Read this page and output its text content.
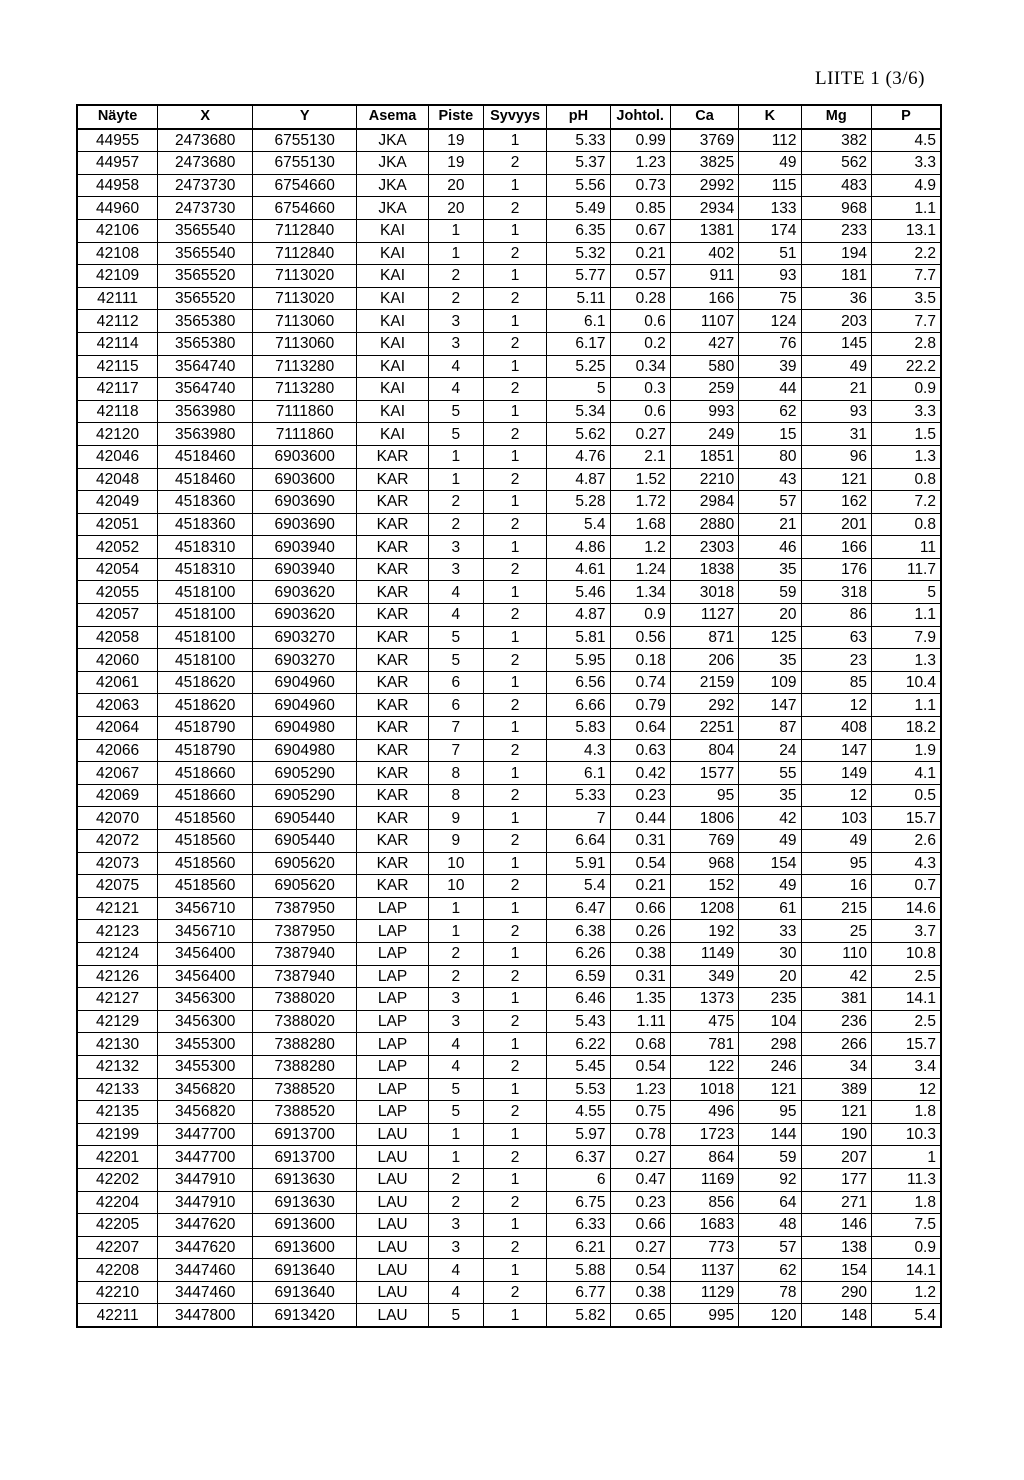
LIITE 1 (3/6)
Näyte	X	Y	Asema	Piste	Syvyys	pH	Johtol.	Ca	K	Mg	P
44955	2473680	6755130	JKA	19	1	5.33	0.99	3769	112	382	4.5
44957	2473680	6755130	JKA	19	2	5.37	1.23	3825	49	562	3.3
44958	2473730	6754660	JKA	20	1	5.56	0.73	2992	115	483	4.9
44960	2473730	6754660	JKA	20	2	5.49	0.85	2934	133	968	1.1
42106	3565540	7112840	KAI	1	1	6.35	0.67	1381	174	233	13.1
42108	3565540	7112840	KAI	1	2	5.32	0.21	402	51	194	2.2
42109	3565520	7113020	KAI	2	1	5.77	0.57	911	93	181	7.7
42111	3565520	7113020	KAI	2	2	5.11	0.28	166	75	36	3.5
42112	3565380	7113060	KAI	3	1	6.1	0.6	1107	124	203	7.7
42114	3565380	7113060	KAI	3	2	6.17	0.2	427	76	145	2.8
42115	3564740	7113280	KAI	4	1	5.25	0.34	580	39	49	22.2
42117	3564740	7113280	KAI	4	2	5	0.3	259	44	21	0.9
42118	3563980	7111860	KAI	5	1	5.34	0.6	993	62	93	3.3
42120	3563980	7111860	KAI	5	2	5.62	0.27	249	15	31	1.5
42046	4518460	6903600	KAR	1	1	4.76	2.1	1851	80	96	1.3
42048	4518460	6903600	KAR	1	2	4.87	1.52	2210	43	121	0.8
42049	4518360	6903690	KAR	2	1	5.28	1.72	2984	57	162	7.2
42051	4518360	6903690	KAR	2	2	5.4	1.68	2880	21	201	0.8
42052	4518310	6903940	KAR	3	1	4.86	1.2	2303	46	166	11
42054	4518310	6903940	KAR	3	2	4.61	1.24	1838	35	176	11.7
42055	4518100	6903620	KAR	4	1	5.46	1.34	3018	59	318	5
42057	4518100	6903620	KAR	4	2	4.87	0.9	1127	20	86	1.1
42058	4518100	6903270	KAR	5	1	5.81	0.56	871	125	63	7.9
42060	4518100	6903270	KAR	5	2	5.95	0.18	206	35	23	1.3
42061	4518620	6904960	KAR	6	1	6.56	0.74	2159	109	85	10.4
42063	4518620	6904960	KAR	6	2	6.66	0.79	292	147	12	1.1
42064	4518790	6904980	KAR	7	1	5.83	0.64	2251	87	408	18.2
42066	4518790	6904980	KAR	7	2	4.3	0.63	804	24	147	1.9
42067	4518660	6905290	KAR	8	1	6.1	0.42	1577	55	149	4.1
42069	4518660	6905290	KAR	8	2	5.33	0.23	95	35	12	0.5
42070	4518560	6905440	KAR	9	1	7	0.44	1806	42	103	15.7
42072	4518560	6905440	KAR	9	2	6.64	0.31	769	49	49	2.6
42073	4518560	6905620	KAR	10	1	5.91	0.54	968	154	95	4.3
42075	4518560	6905620	KAR	10	2	5.4	0.21	152	49	16	0.7
42121	3456710	7387950	LAP	1	1	6.47	0.66	1208	61	215	14.6
42123	3456710	7387950	LAP	1	2	6.38	0.26	192	33	25	3.7
42124	3456400	7387940	LAP	2	1	6.26	0.38	1149	30	110	10.8
42126	3456400	7387940	LAP	2	2	6.59	0.31	349	20	42	2.5
42127	3456300	7388020	LAP	3	1	6.46	1.35	1373	235	381	14.1
42129	3456300	7388020	LAP	3	2	5.43	1.11	475	104	236	2.5
42130	3455300	7388280	LAP	4	1	6.22	0.68	781	298	266	15.7
42132	3455300	7388280	LAP	4	2	5.45	0.54	122	246	34	3.4
42133	3456820	7388520	LAP	5	1	5.53	1.23	1018	121	389	12
42135	3456820	7388520	LAP	5	2	4.55	0.75	496	95	121	1.8
42199	3447700	6913700	LAU	1	1	5.97	0.78	1723	144	190	10.3
42201	3447700	6913700	LAU	1	2	6.37	0.27	864	59	207	1
42202	3447910	6913630	LAU	2	1	6	0.47	1169	92	177	11.3
42204	3447910	6913630	LAU	2	2	6.75	0.23	856	64	271	1.8
42205	3447620	6913600	LAU	3	1	6.33	0.66	1683	48	146	7.5
42207	3447620	6913600	LAU	3	2	6.21	0.27	773	57	138	0.9
42208	3447460	6913640	LAU	4	1	5.88	0.54	1137	62	154	14.1
42210	3447460	6913640	LAU	4	2	6.77	0.38	1129	78	290	1.2
42211	3447800	6913420	LAU	5	1	5.82	0.65	995	120	148	5.4
